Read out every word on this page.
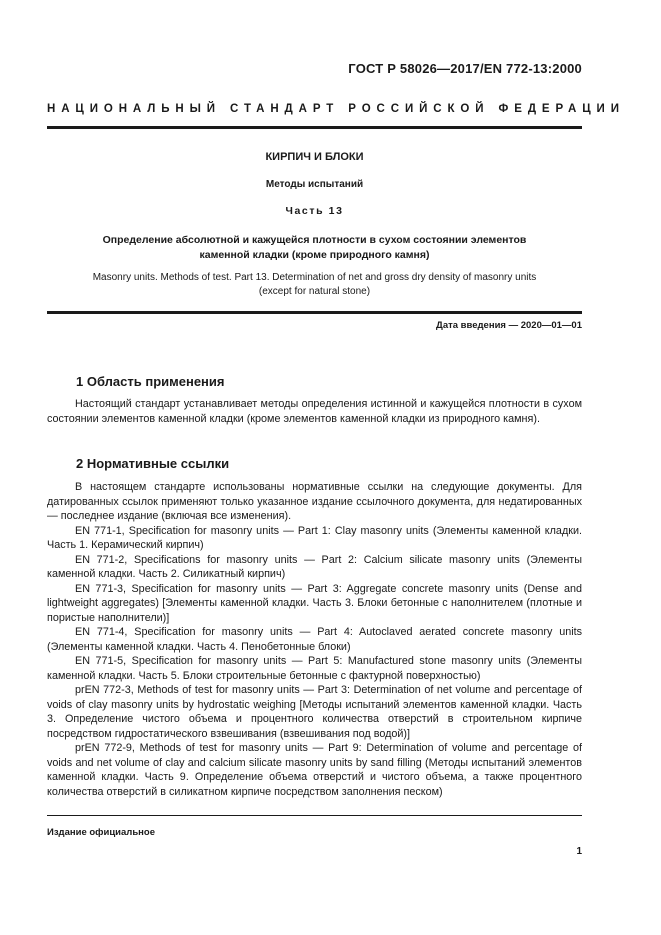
ГОСТ Р 58026—2017/EN 772-13:2000
НАЦИОНАЛЬНЫЙ СТАНДАРТ РОССИЙСКОЙ ФЕДЕРАЦИИ
КИРПИЧ И БЛОКИ
Методы испытаний
Часть 13
Определение абсолютной и кажущейся плотности в сухом состоянии элементов
каменной кладки (кроме природного камня)
Masonry units. Methods of test. Part 13. Determination of net and gross dry density of masonry units
(except for natural stone)
Дата введения — 2020—01—01
1 Область применения

Настоящий стандарт устанавливает методы определения истинной и кажущейся плотности в сухом состоянии элементов каменной кладки (кроме элементов каменной кладки из природного камня).

2 Нормативные ссылки

В настоящем стандарте использованы нормативные ссылки на следующие документы. Для датированных ссылок применяют только указанное издание ссылочного документа, для недатированных — последнее издание (включая все изменения).

EN 771-1, Specification for masonry units — Part 1: Clay masonry units (Элементы каменной кладки. Часть 1. Керамический кирпич)

EN 771-2, Specifications for masonry units — Part 2: Calcium silicate masonry units (Элементы каменной кладки. Часть 2. Силикатный кирпич)

EN 771-3, Specification for masonry units — Part 3: Aggregate concrete masonry units (Dense and lightweight aggregates) [Элементы каменной кладки. Часть 3. Блоки бетонные с наполнителем (плотные и пористые наполнители)]

EN 771-4, Specification for masonry units — Part 4: Autoclaved aerated concrete masonry units (Элементы каменной кладки. Часть 4. Пенобетонные блоки)

EN 771-5, Specification for masonry units — Part 5: Manufactured stone masonry units (Элементы каменной кладки. Часть 5. Блоки строительные бетонные с фактурной поверхностью)

prEN 772-3, Methods of test for masonry units — Part 3: Determination of net volume and percentage of voids of clay masonry units by hydrostatic weighing [Методы испытаний элементов каменной кладки. Часть 3. Определение чистого объема и процентного количества отверстий в строительном кирпиче посредством гидростатического взвешивания (взвешивания под водой)]

prEN 772-9, Methods of test for masonry units — Part 9: Determination of volume and percentage of voids and net volume of clay and calcium silicate masonry units by sand filling (Методы испытаний элементов каменной кладки. Часть 9. Определение объема отверстий и чистого объема, а также процентного количества отверстий в силикатном кирпиче посредством заполнения песком)

Издание официальное
1
